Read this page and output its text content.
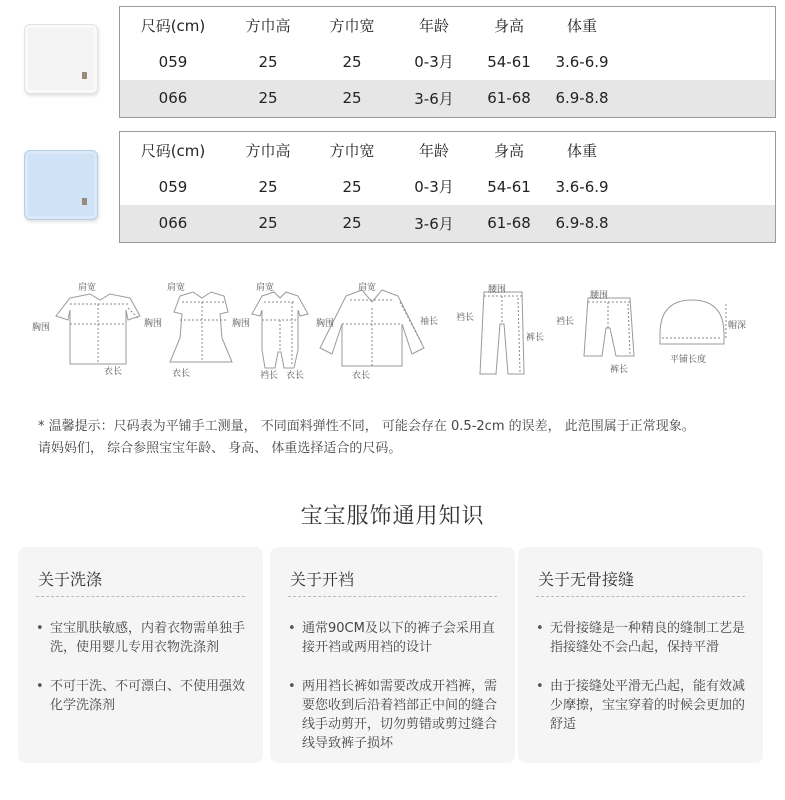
尺码(cm)	方巾高	方巾宽	年龄	身高	体重
059	25	25	0-3月	54-61	3.6-6.9
066	25	25	3-6月	61-68	6.9-8.8
尺码(cm)	方巾高	方巾宽	年龄	身高	体重
059	25	25	0-3月	54-61	3.6-6.9
066	25	25	3-6月	61-68	6.9-8.8
肩宽
胸围
衣长
肩宽
胸围
衣长
肩宽
胸围
裆长 衣长
肩宽
胸围	袖长
衣长
腰围
裆长
裤长
腰围
裆长
裤长
帽深
平铺长度
* 温馨提示：尺码表为平铺手工测量， 不同面料弹性不同， 可能会存在 0.5-2cm 的误差， 此范围属于正常现象。
请妈妈们， 综合参照宝宝年龄、 身高、 体重选择适合的尺码。
宝宝服饰通用知识
关于洗涤
• 宝宝肌肤敏感，内着衣物需单独手洗，使用婴儿专用衣物洗涤剂
• 不可干洗、不可漂白、不使用强效化学洗涤剂
关于开裆
• 通常90CM及以下的裤子会采用直接开裆或两用裆的设计
• 两用裆长裤如需要改成开裆裤，需要您收到后沿着裆部正中间的缝合线手动剪开，切勿剪错或剪过缝合线导致裤子损坏
关于无骨接缝
• 无骨接缝是一种精良的缝制工艺是指接缝处不会凸起，保持平滑
• 由于接缝处平滑无凸起，能有效减少摩擦，宝宝穿着的时候会更加的舒适
